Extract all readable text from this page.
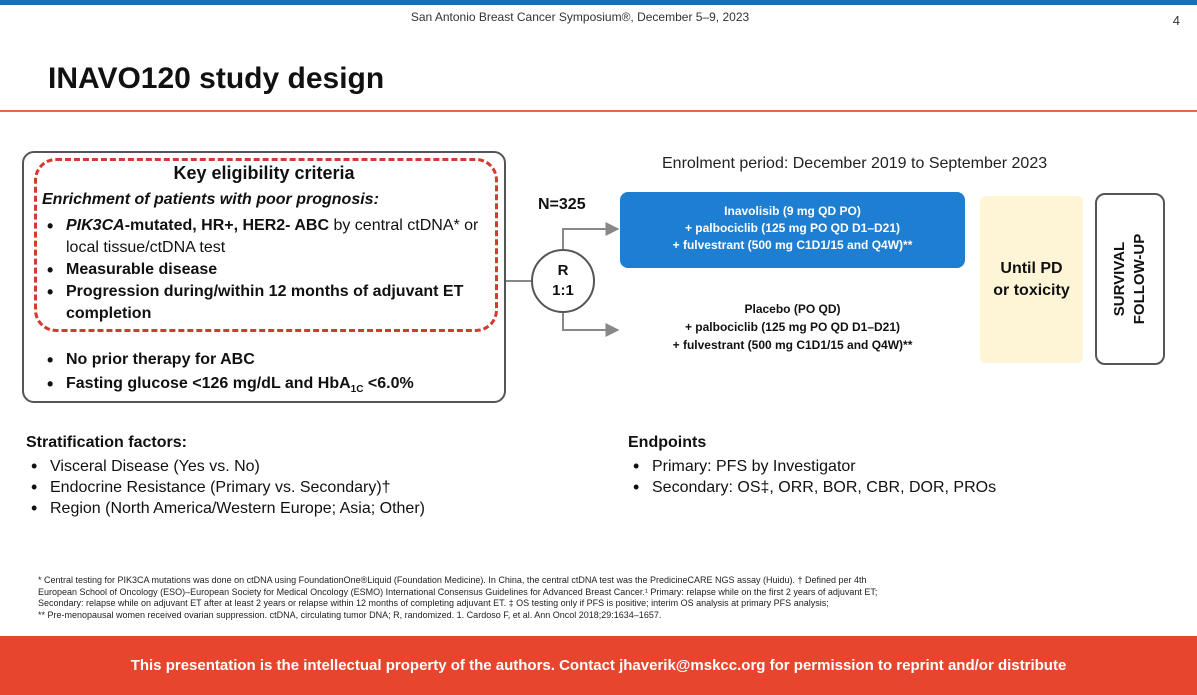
San Antonio Breast Cancer Symposium®, December 5–9, 2023	4
INAVO120 study design
Key eligibility criteria
Enrichment of patients with poor prognosis:
• PIK3CA-mutated, HR+, HER2- ABC by central ctDNA* or local tissue/ctDNA test
• Measurable disease
• Progression during/within 12 months of adjuvant ET completion
• No prior therapy for ABC
• Fasting glucose <126 mg/dL and HbA$_{1C}$ <6.0%
Enrolment period: December 2019 to September 2023
N=325
R
1:1
Inavolisib (9 mg QD PO)
+ palbociclib (125 mg PO QD D1–D21)
+ fulvestrant (500 mg C1D1/15 and Q4W)**
Placebo (PO QD)
+ palbociclib (125 mg PO QD D1–D21)
+ fulvestrant (500 mg C1D1/15 and Q4W)**
Until PD
or toxicity	SURVIVAL FOLLOW-UP
Stratification factors:
• Visceral Disease (Yes vs. No)
• Endocrine Resistance (Primary vs. Secondary)†
• Region (North America/Western Europe; Asia; Other)
Endpoints
• Primary: PFS by Investigator
• Secondary: OS‡, ORR, BOR, CBR, DOR, PROs

* Central testing for PIK3CA mutations was done on ctDNA using FoundationOne®Liquid (Foundation Medicine). In China, the central ctDNA test was the PredicineCARE NGS assay (Huidu). † Defined per 4th

European School of Oncology (ESO)–European Society for Medical Oncology (ESMO) International Consensus Guidelines for Advanced Breast Cancer.¹ Primary: relapse while on the first 2 years of adjuvant ET;

Secondary: relapse while on adjuvant ET after at least 2 years or relapse within 12 months of completing adjuvant ET. ‡ OS testing only if PFS is positive; interim OS analysis at primary PFS analysis;

** Pre-menopausal women received ovarian suppression. ctDNA, circulating tumor DNA; R, randomized. 1. Cardoso F, et al. Ann Oncol 2018;29:1634–1657.

This presentation is the intellectual property of the authors. Contact jhaverik@mskcc.org for permission to reprint and/or distribute
